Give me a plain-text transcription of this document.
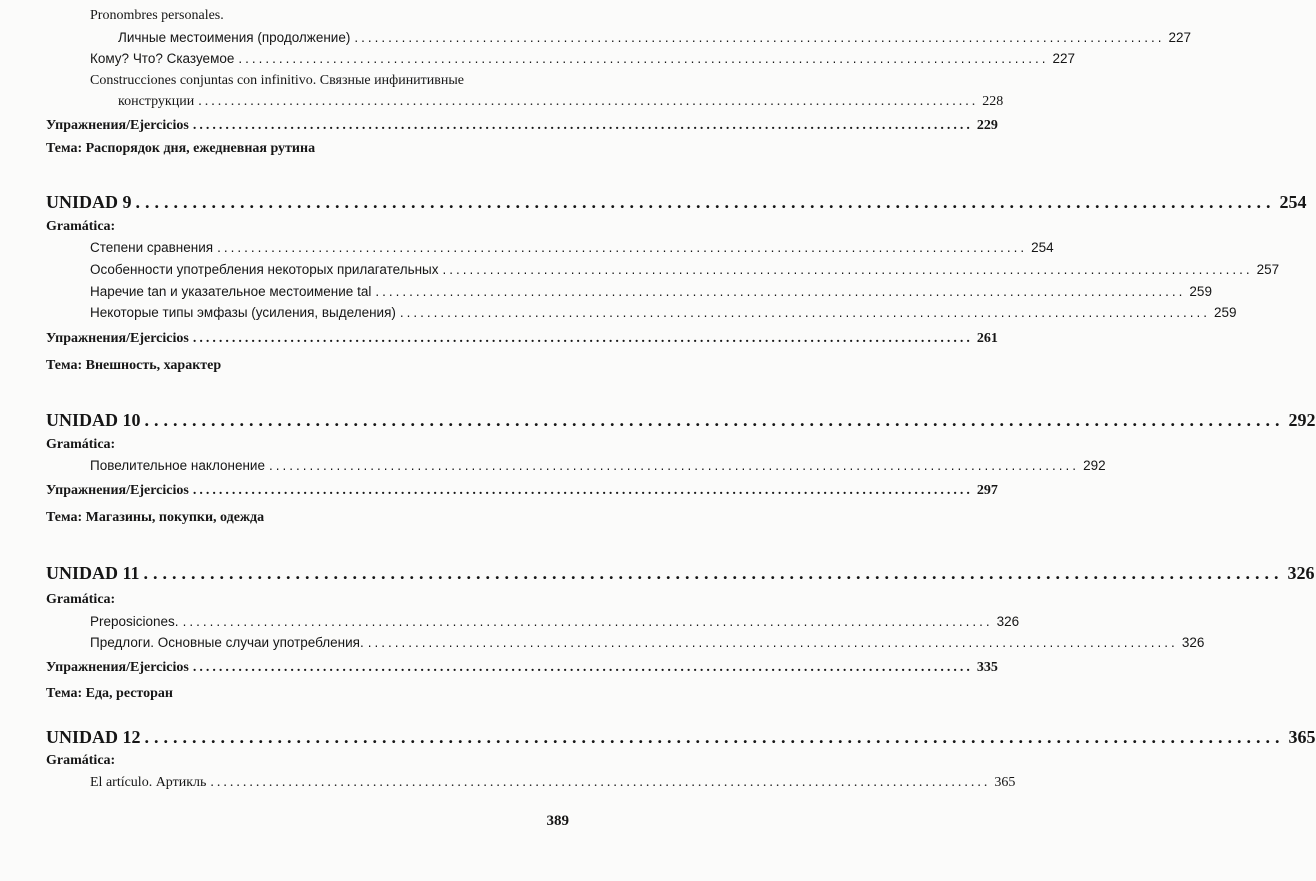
Pronombres personales.
Личные местоимения (продолжение) ........................................................................................................................ 227
Кому? Что? Сказуемое ........................................................................................................................ 227
Construcciones conjuntas con infinitivo. Связные инфинитивные
конструкции ........................................................................................................................ 228
Упражнения/Ejercicios ........................................................................................................................ 229
Тема: Распорядок дня, ежедневная рутина
UNIDAD 9 ........................................................................................................................ 254
Gramática:
Степени сравнения ........................................................................................................................ 254
Особенности употребления некоторых прилагательных ........................................................................................................................ 257
Наречие tan и указательное местоимение tal ........................................................................................................................ 259
Некоторые типы эмфазы (усиления, выделения) ........................................................................................................................ 259
Упражнения/Ejercicios ........................................................................................................................ 261
Тема: Внешность, характер
UNIDAD 10 ........................................................................................................................ 292
Gramática:
Повелительное наклонение ........................................................................................................................ 292
Упражнения/Ejercicios ........................................................................................................................ 297
Тема: Магазины, покупки, одежда
UNIDAD 11 ........................................................................................................................ 326
Gramática:
Preposiciones. ........................................................................................................................ 326
Предлоги. Основные случаи употребления. ........................................................................................................................ 326
Упражнения/Ejercicios ........................................................................................................................ 335
Тема: Еда, ресторан
UNIDAD 12 ........................................................................................................................ 365
Gramática:
El artículo. Артикль ........................................................................................................................ 365
389
